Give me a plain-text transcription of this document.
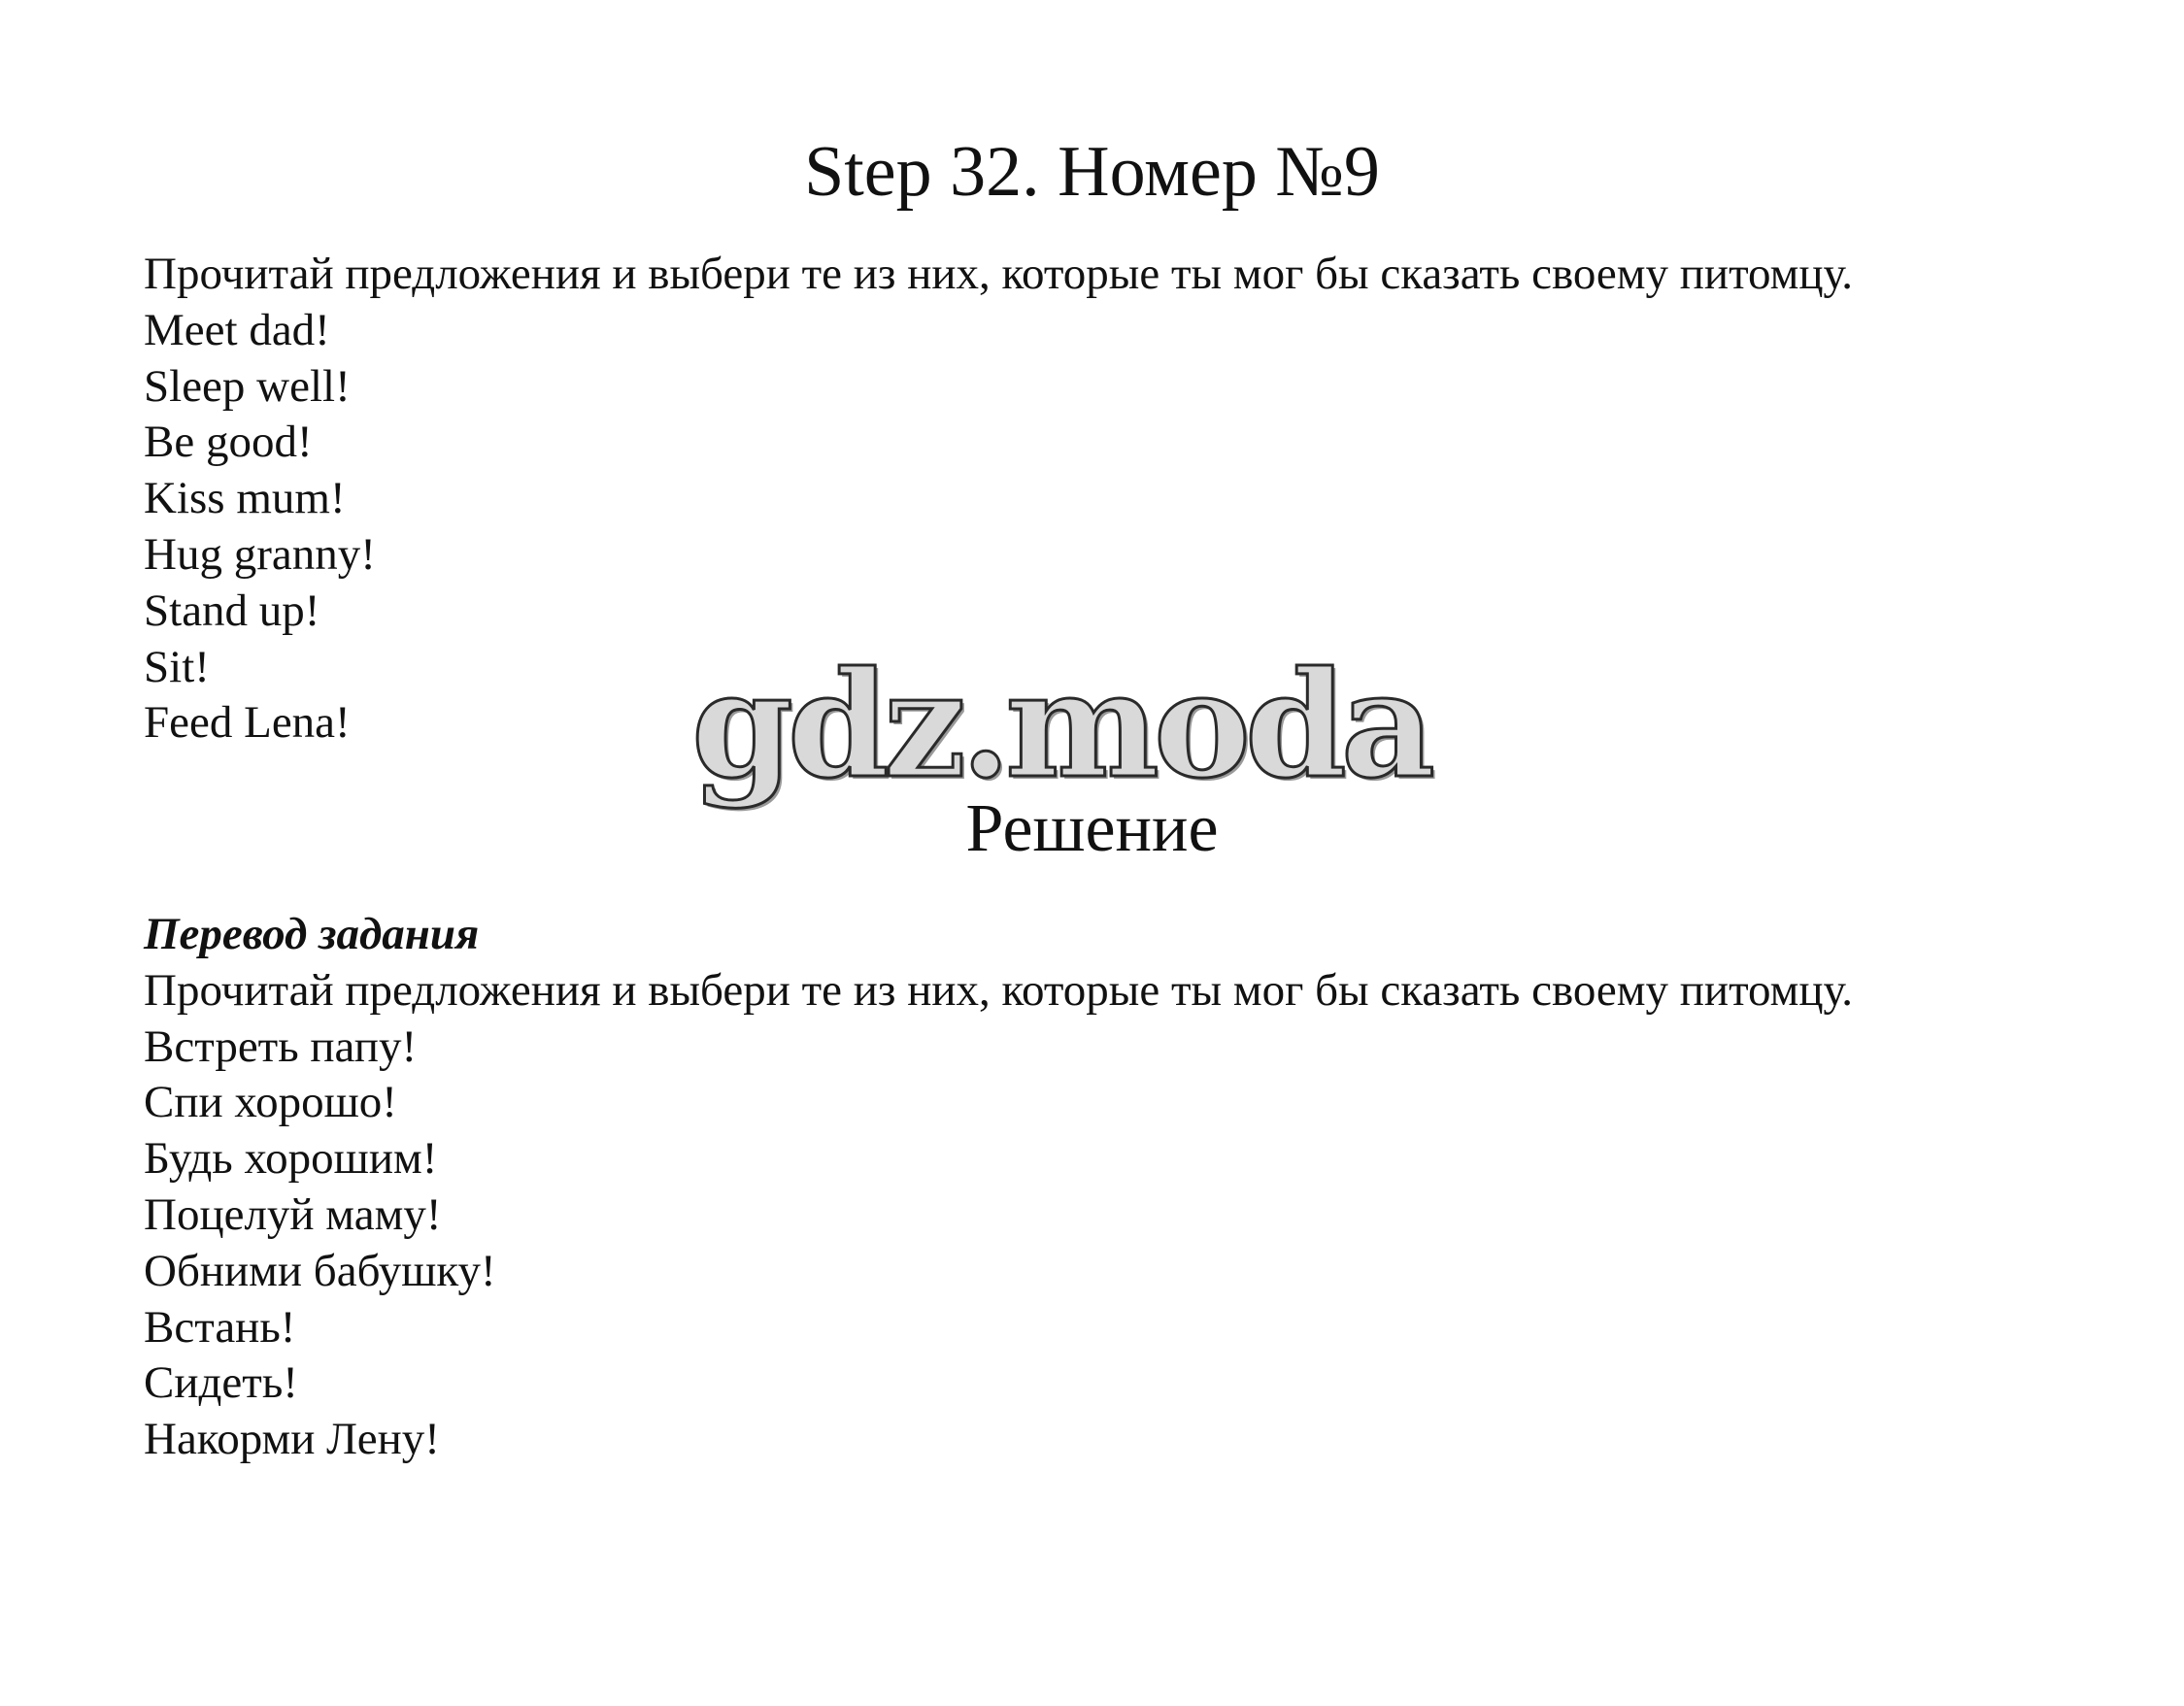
Step 32. Номер №9
Прочитай предложения и выбери те из них, которые ты мог бы сказать своему питомцу.
Meet dad!
Sleep well!
Be good!
Kiss mum!
Hug granny!
Stand up!
Sit!
Feed Lena!	gdz.moda
Решение
Перевод задания
Прочитай предложения и выбери те из них, которые ты мог бы сказать своему питомцу.
Встреть папу!
Спи хорошо!
Будь хорошим!
Поцелуй маму!
Обними бабушку!
Встань!
Сидеть!
Накорми Лену!
